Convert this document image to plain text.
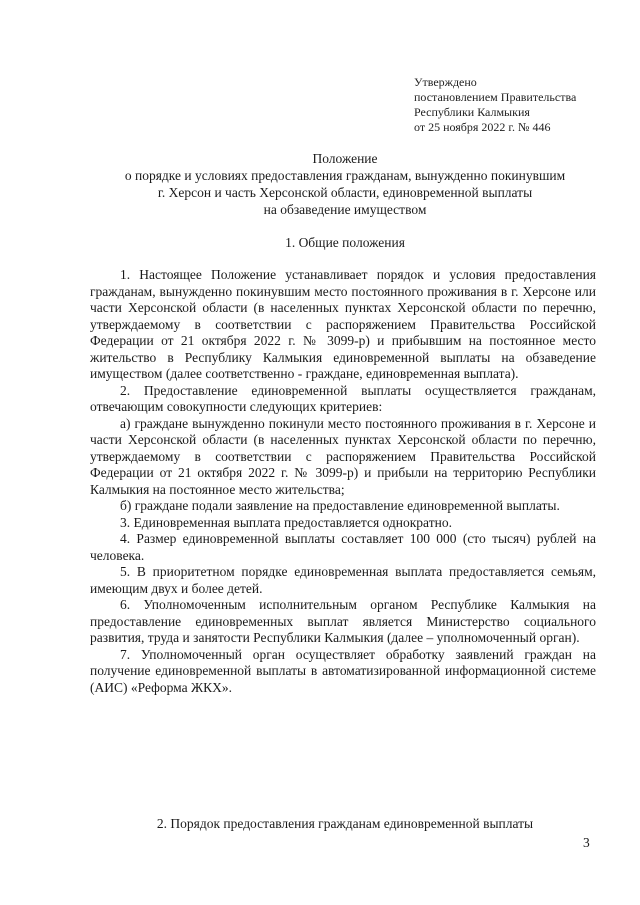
Утверждено
постановлением Правительства
Республики Калмыкия
от 25 ноября 2022 г. № 446
Положение
о порядке и условиях предоставления гражданам, вынужденно покинувшим
г. Херсон и часть Херсонской области, единовременной выплаты
на обзаведение имуществом
1. Общие положения

1. Настоящее Положение устанавливает порядок и условия предоставления гражданам, вынужденно покинувшим место постоянного проживания в г. Херсоне или части Херсонской области (в населенных пунктах Херсонской области по перечню, утверждаемому в соответствии с распоряжением Правительства Российской Федерации от 21 октября 2022 г. № 3099-р) и прибывшим на постоянное место жительство в Республику Калмыкия единовременной выплаты на обзаведение имуществом (далее соответственно - граждане, единовременная выплата).

2. Предоставление единовременной выплаты осуществляется гражданам, отвечающим совокупности следующих критериев:

а) граждане вынужденно покинули место постоянного проживания в г. Херсоне и части Херсонской области (в населенных пунктах Херсонской области по перечню, утверждаемому в соответствии с распоряжением Правительства Российской Федерации от 21 октября 2022 г. № 3099-р) и прибыли на территорию Республики Калмыкия на постоянное место жительства;

б) граждане подали заявление на предоставление единовременной выплаты.

3. Единовременная выплата предоставляется однократно.

4. Размер единовременной выплаты составляет 100 000 (сто тысяч) рублей на человека.

5. В приоритетном порядке единовременная выплата предоставляется семьям, имеющим двух и более детей.

6. Уполномоченным исполнительным органом Республике Калмыкия на предоставление единовременных выплат является Министерство социального развития, труда и занятости Республики Калмыкия (далее – уполномоченный орган).

7. Уполномоченный орган осуществляет обработку заявлений граждан на получение единовременной выплаты в автоматизированной информационной системе (АИС) «Реформа ЖКХ».

2. Порядок предоставления гражданам единовременной выплаты
3
